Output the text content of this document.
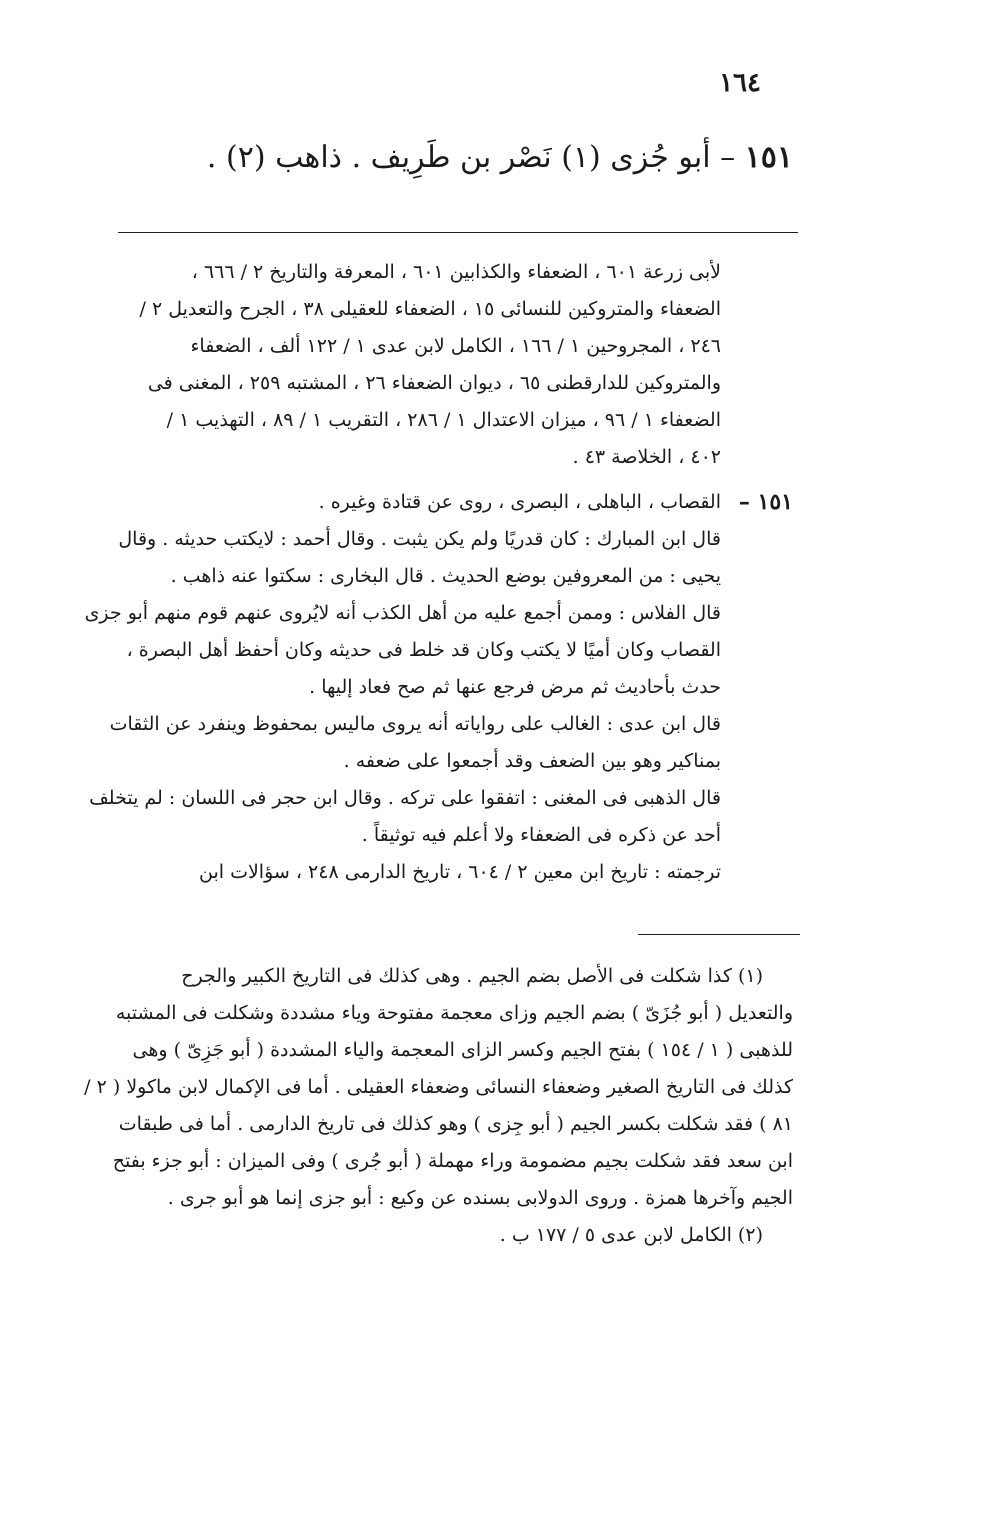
١٦٤
١٥١ – أبو جُزى (١) نَصْر بن طَرِيف . ذاهب (٢) .

لأبى زرعة ٦٠١ ، الضعفاء والكذابين ٦٠١ ، المعرفة والتاريخ ٢ / ٦٦٦ ،

الضعفاء والمتروكين للنسائى ١٥ ، الضعفاء للعقيلى ٣٨ ، الجرح والتعديل ٢ /

٢٤٦ ، المجروحين ١ / ١٦٦ ، الكامل لابن عدى ١ / ١٢٢ ألف ، الضعفاء

والمتروكين للدارقطنى ٦٥ ، ديوان الضعفاء ٢٦ ، المشتبه ٢٥٩ ، المغنى فى

الضعفاء ١ / ٩٦ ، ميزان الاعتدال ١ / ٢٨٦ ، التقريب ١ / ٨٩ ، التهذيب ١ /

٤٠٢ ، الخلاصة ٤٣ .

١٥١ –

القصاب ، الباهلى ، البصرى ، روى عن قتادة وغيره .

قال ابن المبارك : كان قدريًا ولم يكن يثبت . وقال أحمد : لايكتب حديثه . وقال

يحيى : من المعروفين بوضع الحديث . قال البخارى : سكتوا عنه ذاهب .

قال الفلاس : وممن أجمع عليه من أهل الكذب أنه لايُروى عنهم قوم منهم أبو جزى

القصاب وكان أميًا لا يكتب وكان قد خلط فى حديثه وكان أحفظ أهل البصرة ،

حدث بأحاديث ثم مرض فرجع عنها ثم صح فعاد إليها .

قال ابن عدى : الغالب على رواياته أنه يروى ماليس بمحفوظ وينفرد عن الثقات

بمناكير وهو بين الضعف وقد أجمعوا على ضعفه .

قال الذهبى فى المغنى : اتفقوا على تركه . وقال ابن حجر فى اللسان : لم يتخلف

أحد عن ذكره فى الضعفاء ولا أعلم فيه توثيقاً .

ترجمته : تاريخ ابن معين ٢ / ٦٠٤ ، تاريخ الدارمى ٢٤٨ ، سؤالات ابن

(١) كذا شكلت فى الأصل بضم الجيم . وهى كذلك فى التاريخ الكبير والجرح

والتعديل ( أبو جُزَىّ ) بضم الجيم وزاى معجمة مفتوحة وياء مشددة وشكلت فى المشتبه

للذهبى ( ١ / ١٥٤ ) بفتح الجيم وكسر الزاى المعجمة والياء المشددة ( أبو جَزِىّ ) وهى

كذلك فى التاريخ الصغير وضعفاء النسائى وضعفاء العقيلى . أما فى الإكمال لابن ماكولا ( ٢ /

٨١ ) فقد شكلت بكسر الجيم ( أبو جِزى ) وهو كذلك فى تاريخ الدارمى . أما فى طبقات

ابن سعد فقد شكلت بجيم مضمومة وراء مهملة ( أبو جُرى ) وفى الميزان : أبو جزء بفتح

الجيم وآخرها همزة . وروى الدولابى بسنده عن وكيع : أبو جزى إنما هو أبو جرى .

(٢) الكامل لابن عدى ٥ / ١٧٧ ب .
